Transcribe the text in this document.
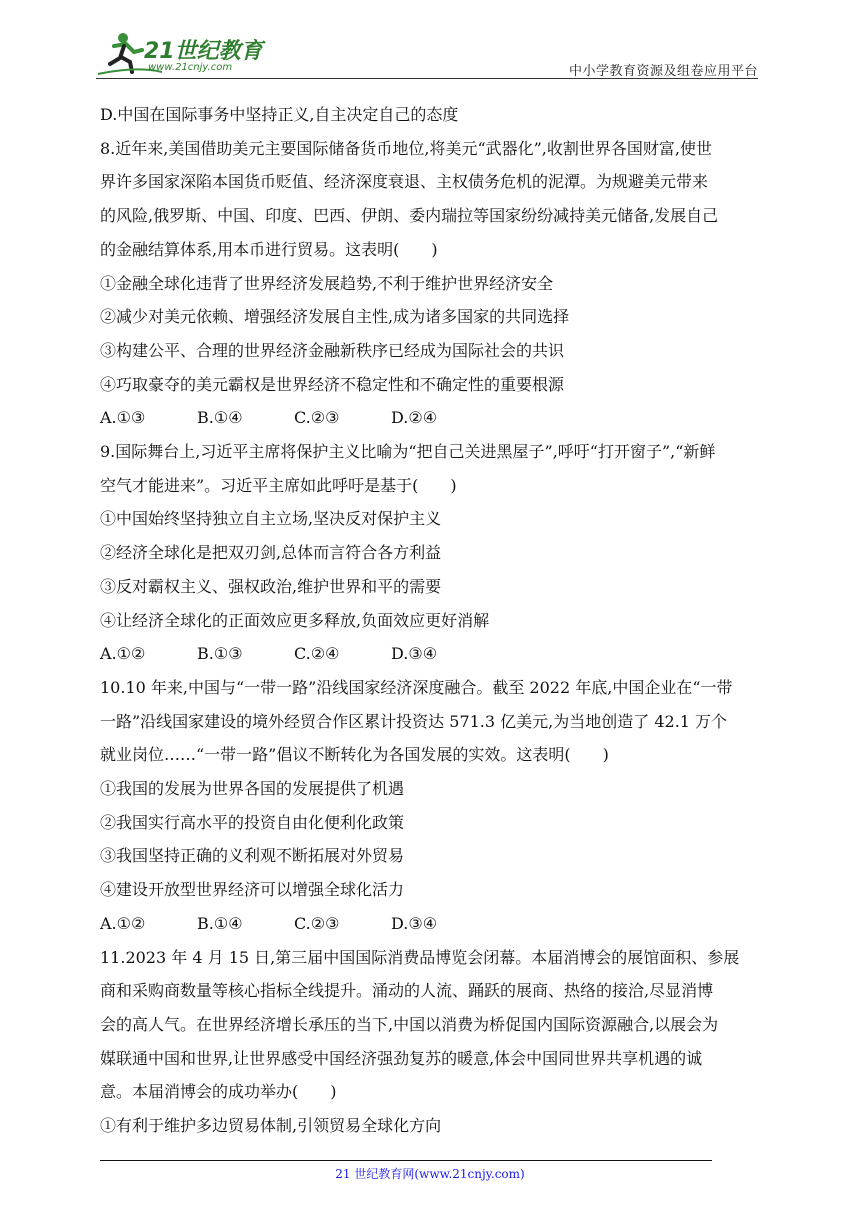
21世纪教育
www.21cnjy.com	中小学教育资源及组卷应用平台
D.中国在国际事务中坚持正义,自主决定自己的态度
8.近年来,美国借助美元主要国际储备货币地位,将美元“武器化”,收割世界各国财富,使世
界许多国家深陷本国货币贬值、经济深度衰退、主权债务危机的泥潭。为规避美元带来
的风险,俄罗斯、中国、印度、巴西、伊朗、委内瑞拉等国家纷纷减持美元储备,发展自己
的金融结算体系,用本币进行贸易。这表明(　　)
①金融全球化违背了世界经济发展趋势,不利于维护世界经济安全
②减少对美元依赖、增强经济发展自主性,成为诸多国家的共同选择
③构建公平、合理的世界经济金融新秩序已经成为国际社会的共识
④巧取豪夺的美元霸权是世界经济不稳定性和不确定性的重要根源
A.①③	B.①④	C.②③	D.②④
9.国际舞台上,习近平主席将保护主义比喻为“把自己关进黑屋子”,呼吁“打开窗子”,“新鲜
空气才能进来”。习近平主席如此呼吁是基于(　　)
①中国始终坚持独立自主立场,坚决反对保护主义
②经济全球化是把双刃剑,总体而言符合各方利益
③反对霸权主义、强权政治,维护世界和平的需要
④让经济全球化的正面效应更多释放,负面效应更好消解
A.①②	B.①③	C.②④	D.③④
10.10 年来,中国与“一带一路”沿线国家经济深度融合。截至 2022 年底,中国企业在“一带
一路”沿线国家建设的境外经贸合作区累计投资达 571.3 亿美元,为当地创造了 42.1 万个
就业岗位……“一带一路”倡议不断转化为各国发展的实效。这表明(　　)
①我国的发展为世界各国的发展提供了机遇
②我国实行高水平的投资自由化便利化政策
③我国坚持正确的义利观不断拓展对外贸易
④建设开放型世界经济可以增强全球化活力
A.①②	B.①④	C.②③	D.③④
11.2023 年 4 月 15 日,第三届中国国际消费品博览会闭幕。本届消博会的展馆面积、参展
商和采购商数量等核心指标全线提升。涌动的人流、踊跃的展商、热络的接洽,尽显消博
会的高人气。在世界经济增长承压的当下,中国以消费为桥促国内国际资源融合,以展会为
媒联通中国和世界,让世界感受中国经济强劲复苏的暖意,体会中国同世界共享机遇的诚
意。本届消博会的成功举办(　　)
①有利于维护多边贸易体制,引领贸易全球化方向
21 世纪教育网(www.21cnjy.com)
